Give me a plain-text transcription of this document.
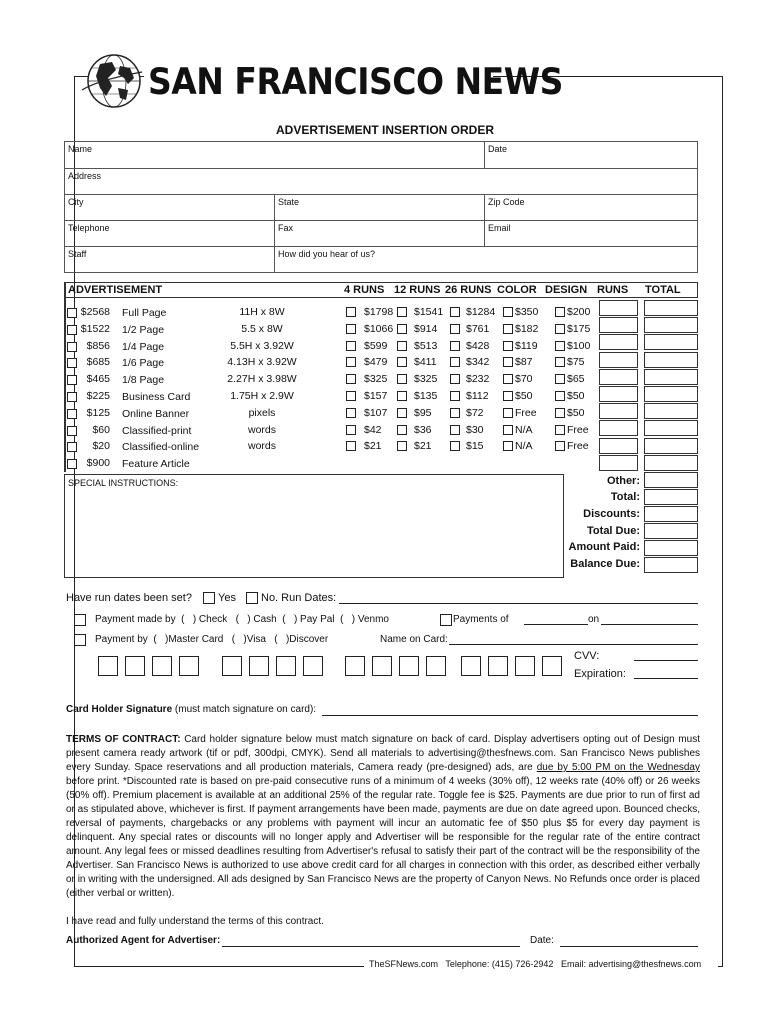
SAN FRANCISCO NEWS
ADVERTISEMENT INSERTION ORDER
Name	Date
Address
City	State	Zip Code
Telephone	Fax	Email
Staff	How did you hear of us?
ADVERTISEMENT	4 RUNS 12 RUNS 26 RUNS COLOR DESIGN RUNS TOTAL
$2568 Full Page	11H x 8W	$1798 $1541 $1284 $350	$200
$1522 1/2 Page	5.5 x 8W	$1066 $914	$761 $182	$175
$856 1/4 Page	5.5H x 3.92W	$599	$513	$428 $119	$100
$685 1/6 Page	4.13H x 3.92W	$479	$411	$342 $87	$75
$465 1/8 Page	2.27H x 3.98W	$325	$325	$232 $70	$65
$225 Business Card	1.75H x 2.9W	$157	$135	$112	$50	$50
$125 Online Banner	pixels	$107	$95	$72	Free	$50
$60 Classified-print	words	$42	$36	$30	N/A	Free
$20 Classified-online	words	$21	$21	$15	N/A	Free
$900 Feature Article
SPECIAL INSTRUCTIONS:	Other:
Total:
Discounts:
Total Due:
Amount Paid:
Balance Due:
Have run dates been set? Yes No. Run Dates:
Payment made by  (   ) Check   (   ) Cash  (   ) Pay Pal  (   ) Venmo	Payments of	on
Payment by  (   )Master Card   (   )Visa   (   )Discover	Name on Card:
CVV:
Expiration:
Card Holder Signature (must match signature on card):
TERMS OF CONTRACT: Card holder signature below must match signature on back of card. Display advertisers opting out of Design must present camera ready artwork (tif or pdf, 300dpi, CMYK). Send all materials to advertising@thesfnews.com. San Francisco News publishes every Sunday. Space reservations and all production materials, Camera ready (pre-designed) ads, are due by 5:00 PM on the Wednesday before print. *Discounted rate is based on pre-paid consecutive runs of a minimum of 4 weeks (30% off), 12 weeks rate (40% off) or 26 weeks (50% off). Premium placement is available at an additional 25% of the regular rate. Toggle fee is $25. Payments are due prior to run of first ad or as stipulated above, whichever is first. If payment arrangements have been made, payments are due on date agreed upon. Bounced checks, reversal of payments, chargebacks or any problems with payment will incur an automatic fee of $50 plus $5 for every day payment is delinquent. Any special rates or discounts will no longer apply and Advertiser will be responsible for the regular rate of the entire contract amount. Any legal fees or missed deadlines resulting from Advertiser's refusal to satisfy their part of the contract will be the responsibility of the Advertiser. San Francisco News is authorized to use above credit card for all charges in connection with this order, as described either verbally or in writing with the undersigned. All ads designed by San Francisco News are the property of Canyon News. No Refunds once order is placed (either verbal or written).
I have read and fully understand the terms of this contract.
Authorized Agent for Advertiser:	Date:
TheSFNews.com   Telephone: (415) 726-2942   Email: advertising@thesfnews.com
